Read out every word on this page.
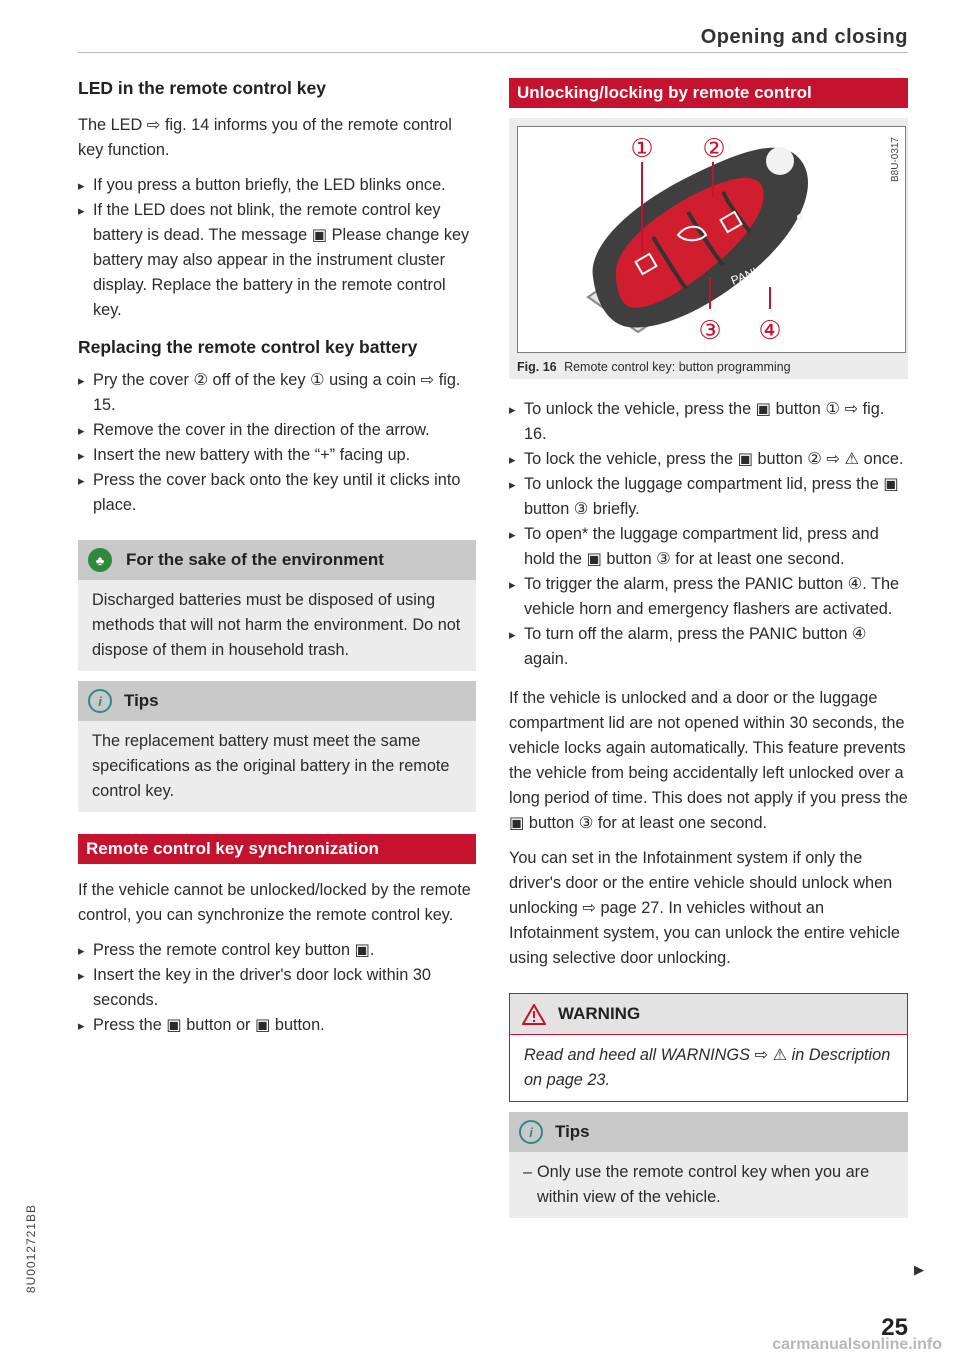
Opening and closing
LED in the remote control key

The LED ⇨ fig. 14 informs you of the remote control key function.

▸ If you press a button briefly, the LED blinks once.
▸ If the LED does not blink, the remote control key battery is dead. The message ▣ Please change key battery may also appear in the instrument cluster display. Replace the battery in the remote control key.
Replacing the remote control key battery
▸ Pry the cover ② off of the key ① using a coin ⇨ fig. 15.
▸ Remove the cover in the direction of the arrow.
▸ Insert the new battery with the “+” facing up.
▸ Press the cover back onto the key until it clicks into place.
♣	For the sake of the environment

Discharged batteries must be disposed of using methods that will not harm the environment. Do not dispose of them in household trash.

i	Tips

The replacement battery must meet the same specifications as the original battery in the remote control key.

Remote control key synchronization

If the vehicle cannot be unlocked/locked by the remote control, you can synchronize the remote control key.

▸ Press the remote control key button ▣.
▸ Insert the key in the driver's door lock within 30 seconds.
▸ Press the ▣ button or ▣ button.
Unlocking/locking by remote control
PANIC
① ②
③ ④
B8U-0317
Fig. 16 Remote control key: button programming
▸ To unlock the vehicle, press the ▣ button ① ⇨ fig. 16.
▸ To lock the vehicle, press the ▣ button ② ⇨ ⚠ once.
▸ To unlock the luggage compartment lid, press the ▣ button ③ briefly.
▸ To open* the luggage compartment lid, press and hold the ▣ button ③ for at least one second.
▸ To trigger the alarm, press the PANIC button ④. The vehicle horn and emergency flashers are activated.
▸ To turn off the alarm, press the PANIC button ④ again.

If the vehicle is unlocked and a door or the luggage compartment lid are not opened within 30 seconds, the vehicle locks again automatically. This feature prevents the vehicle from being accidentally left unlocked over a long period of time. This does not apply if you press the ▣ button ③ for at least one second.

You can set in the Infotainment system if only the driver's door or the entire vehicle should unlock when unlocking ⇨ page 27. In vehicles without an Infotainment system, you can unlock the entire vehicle using selective door unlocking.

WARNING

Read and heed all WARNINGS ⇨ ⚠ in Description on page 23.

i	Tips
– Only use the remote control key when you are within view of the vehicle.
▶
8U0012721BB
25
carmanualsonline.info
